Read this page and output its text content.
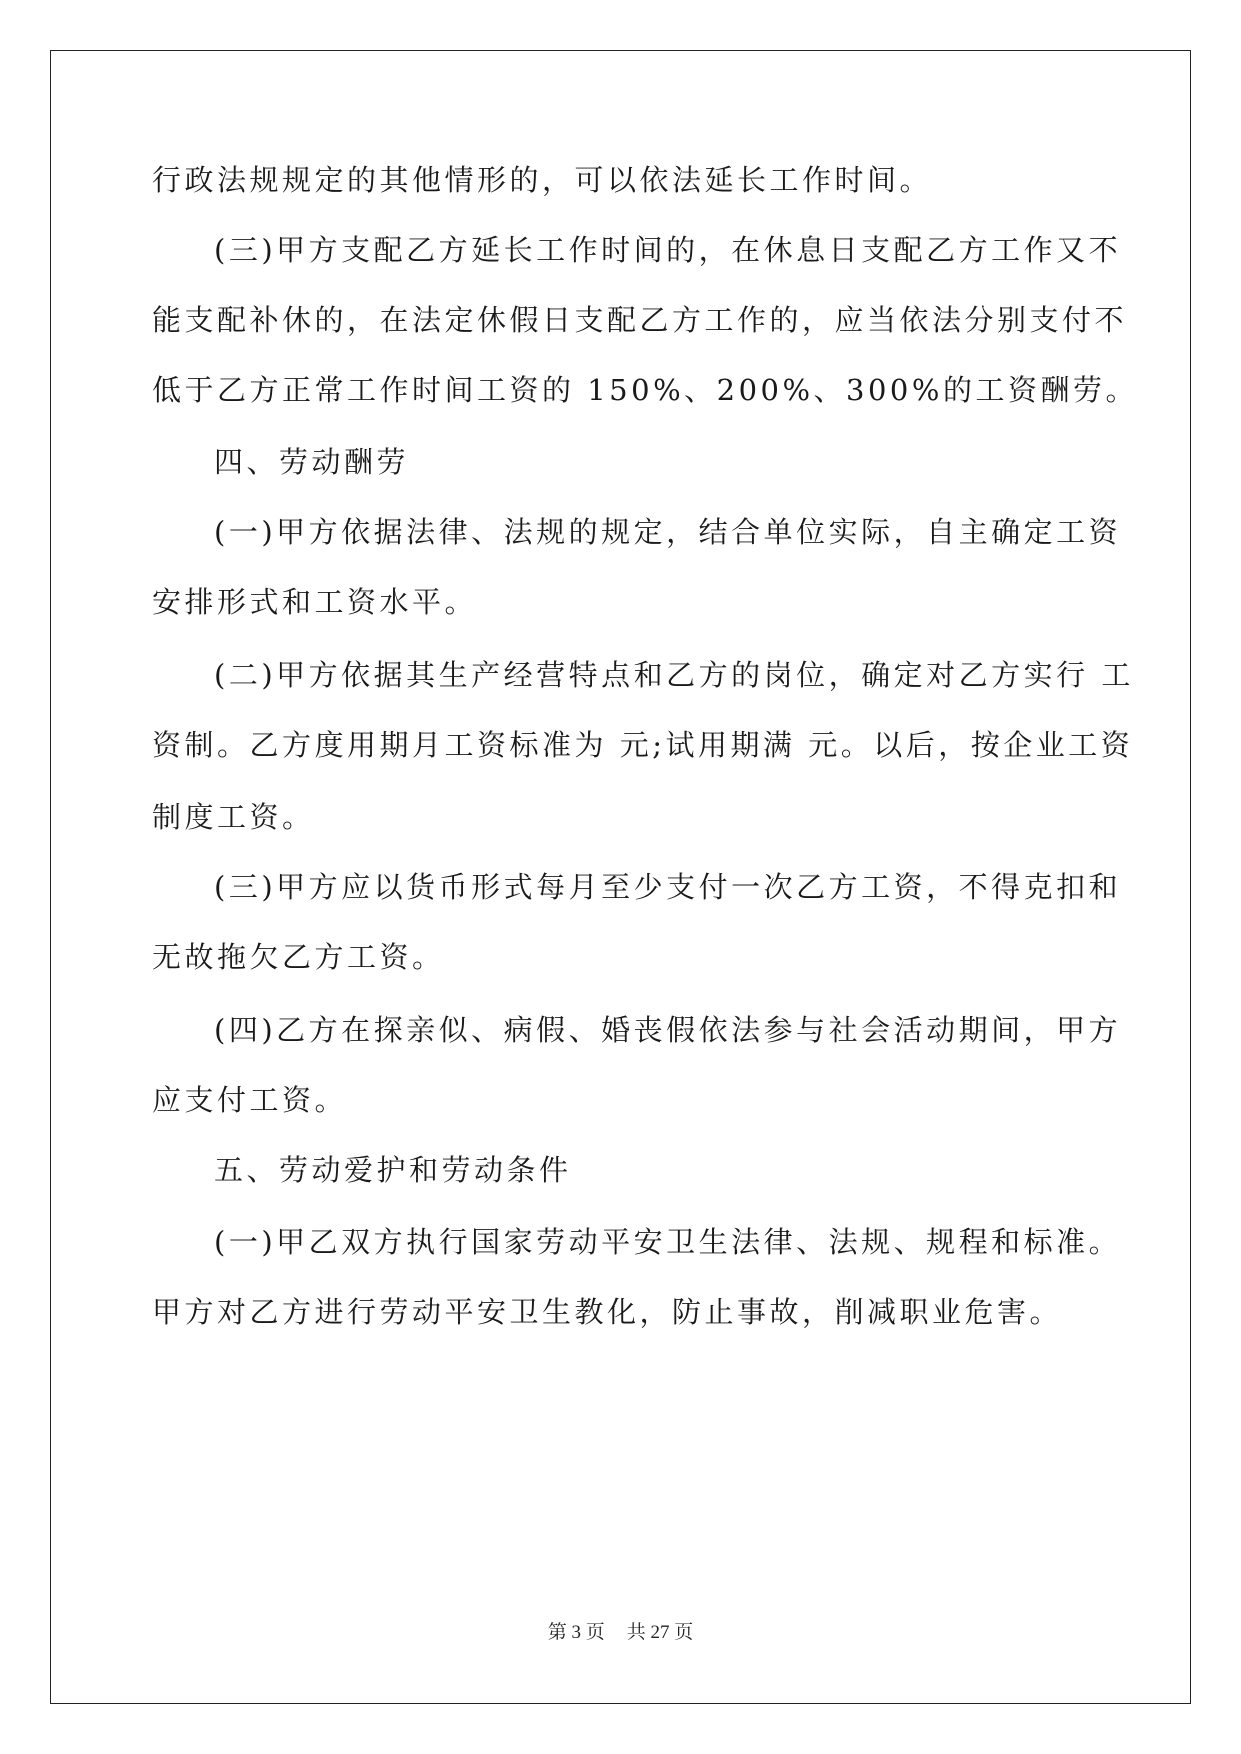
行政法规规定的其他情形的，可以依法延长工作时间。
(三)甲方支配乙方延长工作时间的，在休息日支配乙方工作又不
能支配补休的，在法定休假日支配乙方工作的，应当依法分别支付不
低于乙方正常工作时间工资的 150%、200%、300%的工资酬劳。
四、劳动酬劳
(一)甲方依据法律、法规的规定，结合单位实际，自主确定工资
安排形式和工资水平。
(二)甲方依据其生产经营特点和乙方的岗位，确定对乙方实行 工
资制。乙方度用期月工资标准为 元;试用期满 元。以后，按企业工资
制度工资。
(三)甲方应以货币形式每月至少支付一次乙方工资，不得克扣和
无故拖欠乙方工资。
(四)乙方在探亲似、病假、婚丧假依法参与社会活动期间，甲方
应支付工资。
五、劳动爱护和劳动条件
(一)甲乙双方执行国家劳动平安卫生法律、法规、规程和标准。
甲方对乙方进行劳动平安卫生教化，防止事故，削减职业危害。
第 3 页 共 27 页
